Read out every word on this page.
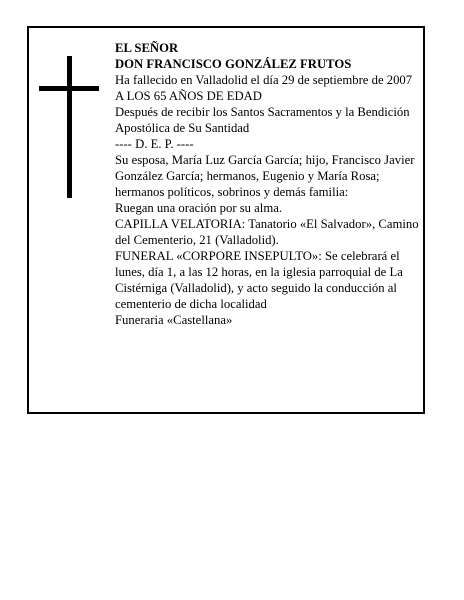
EL SEÑOR

DON FRANCISCO GONZÁLEZ FRUTOS

Ha fallecido en Valladolid el día 29 de septiembre de 2007

A LOS 65 AÑOS DE EDAD

Después de recibir los Santos Sacramentos y la Bendición Apostólica de Su Santidad

---- D. E. P. ----

Su esposa, María Luz García García; hijo, Francisco Javier González García; hermanos, Eugenio y María Rosa; hermanos políticos, sobrinos y demás familia:

Ruegan una oración por su alma.

CAPILLA VELATORIA: Tanatorio «El Salvador», Camino del Cementerio, 21 (Valladolid).

FUNERAL «CORPORE INSEPULTO»: Se celebrará el lunes, día 1, a las 12 horas, en la iglesia parroquial de La Cistérniga (Valladolid), y acto seguido la conducción al cementerio de dicha localidad

Funeraria «Castellana»
